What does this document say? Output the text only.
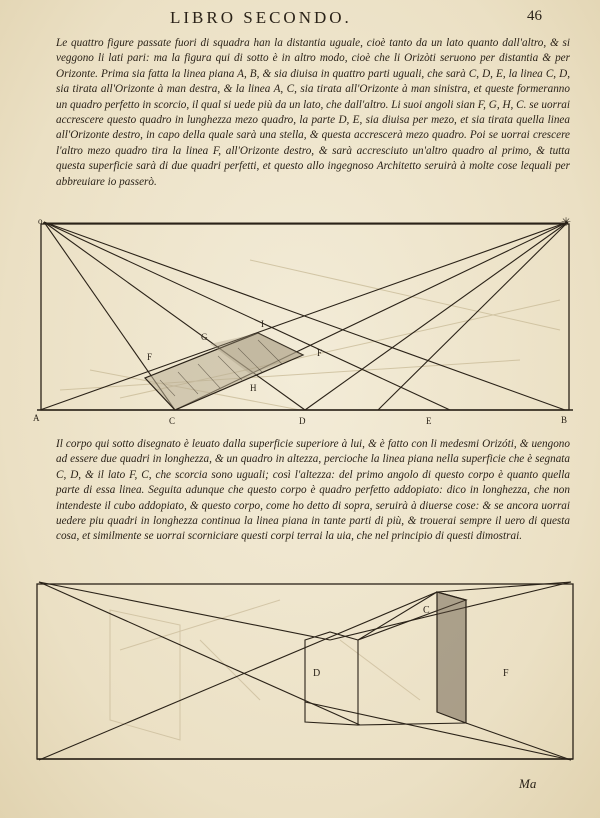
LIBRO SECONDO.	46

Le quattro figure passate fuori di squadra han la distantia uguale, cioè tanto da un lato quanto dall'altro, & si veggono li lati pari: ma la figura qui di sotto è in altro modo, cioè che li Orizòti seruono per distantia & per Orizonte. Prima sia fatta la linea piana A, B, & sia diuisa in quattro parti uguali, che sarà C, D, E, la linea C, D, sia tirata all'Orizonte à man destra, & la linea A, C, sia tirata all'Orizonte à man sinistra, et queste formeranno un quadro perfetto in scorcio, il qual si uede più da un lato, che dall'altro. Li suoi angoli sian F, G, H, C. se uorrai accrescere questo quadro in lunghezza mezo quadro, la parte D, E, sia diuisa per mezo, et sia tirata quella linea all'Orizonte destro, in capo della quale sarà una stella, & questa accrescerà mezo quadro. Poi se uorrai crescere l'altro mezo quadro tira la linea F, all'Orizonte destro, & sarà accresciuto un'altro quadro al primo, & tutta questa superficie sarà di due quadri perfetti, et questo allo ingegnoso Architetto seruirà à molte cose lequali per abbreuiare io passerò.

o	✳
A	B
C	D	E
F	F
G
H
I

Il corpo qui sotto disegnato è leuato dalla superficie superiore à lui, & è fatto con li medesmi Orizóti, & uengono ad essere due quadri in longhezza, & un quadro in altezza, percioche la linea piana nella superficie che è segnata C, D, & il lato F, C, che scorcia sono uguali; così l'altezza: del primo angolo di questo corpo è quanto quella parte di essa linea. Seguita adunque che questo corpo è quadro perfetto addopiato: dico in longhezza, che non intendeste il cubo addopiato, & questo corpo, come ho detto di sopra, seruirà à diuerse cose: & se ancora uorrai uedere piu quadri in longhezza continua la linea piana in tante parti di più, & trouerai sempre il uero di questa cosa, et similmente se uorrai scorniciare questi corpi terrai la uia, che nel principio di questi dimostrai.

C
D	F
Ma
